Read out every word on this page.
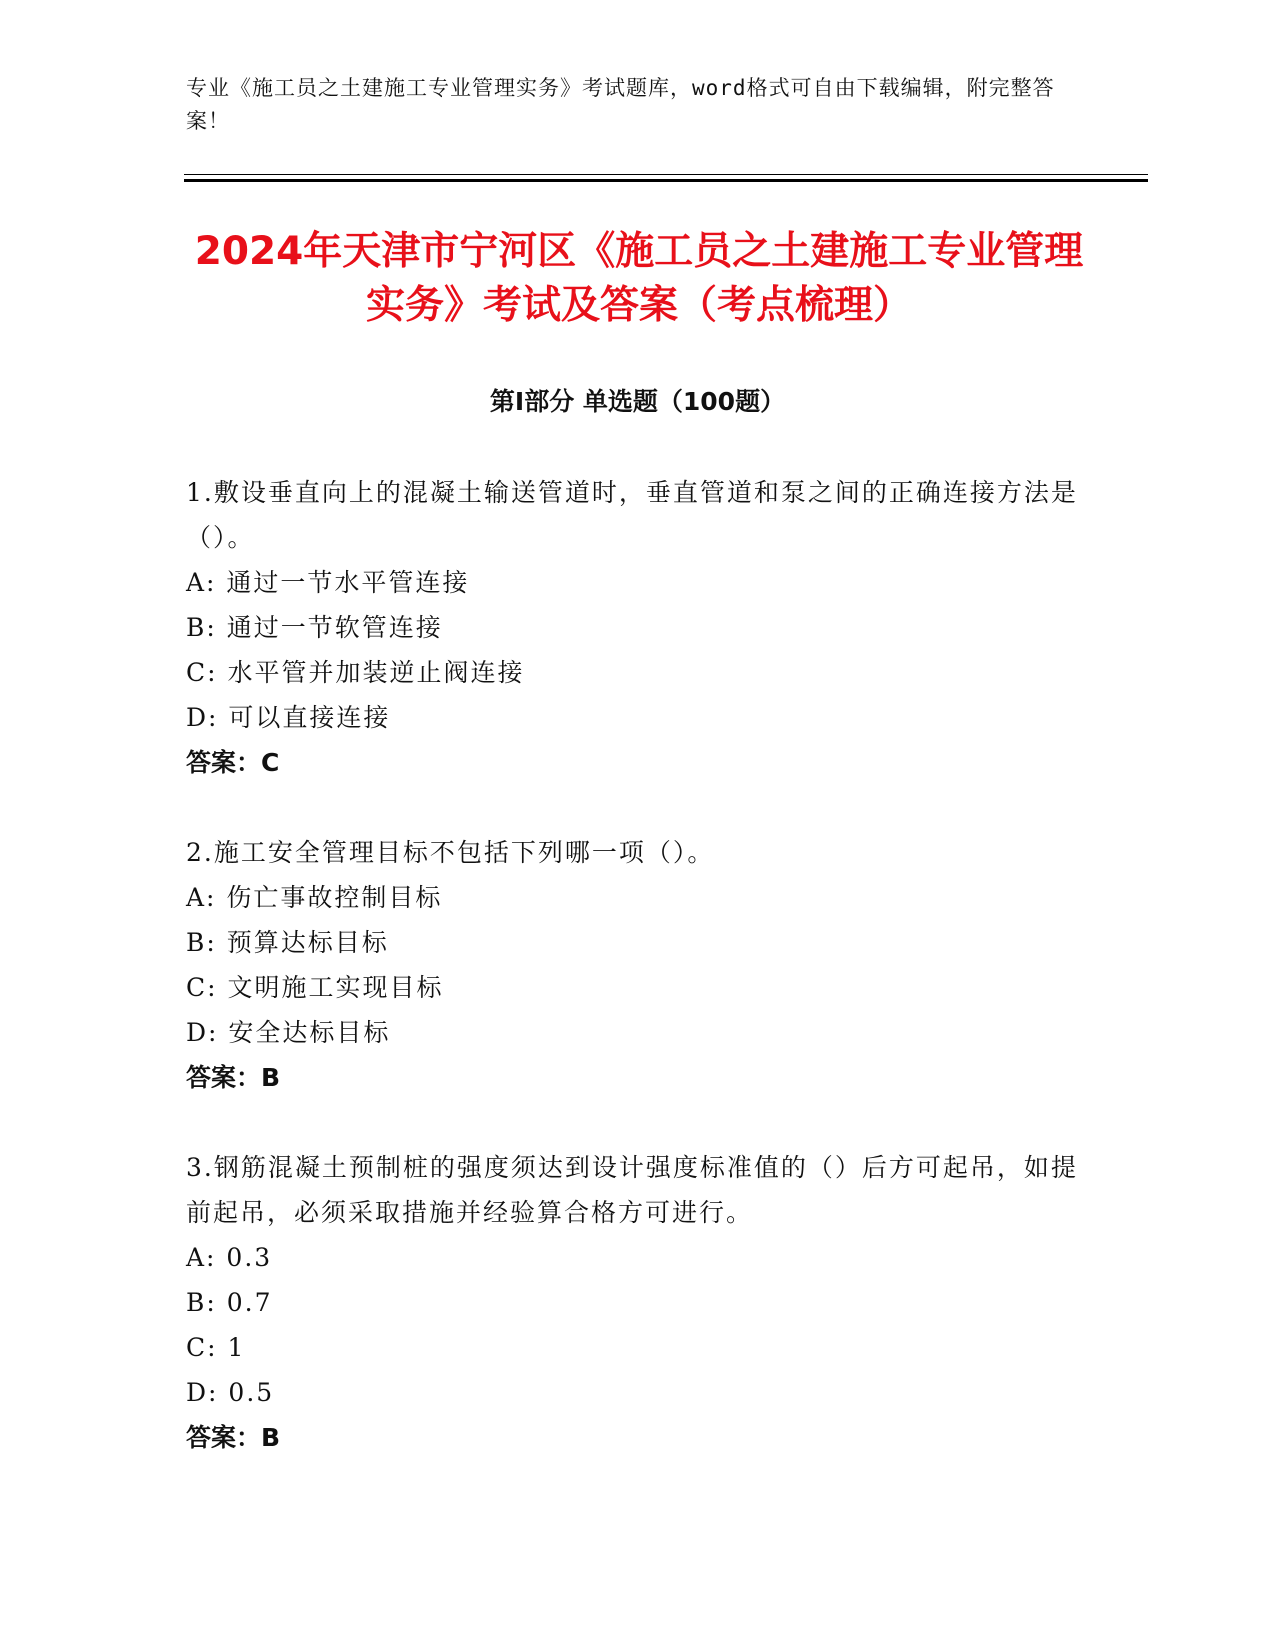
专业《施工员之土建施工专业管理实务》考试题库，word格式可自由下载编辑，附完整答案！
2024年天津市宁河区《施工员之土建施工专业管理实务》考试及答案（考点梳理）
第Ⅰ部分 单选题（100题）

1.敷设垂直向上的混凝土输送管道时，垂直管道和泵之间的正确连接方法是（）。

A: 通过一节水平管连接

B: 通过一节软管连接

C: 水平管并加装逆止阀连接

D: 可以直接连接

答案：C

2.施工安全管理目标不包括下列哪一项（）。

A: 伤亡事故控制目标

B: 预算达标目标

C: 文明施工实现目标

D: 安全达标目标

答案：B

3.钢筋混凝土预制桩的强度须达到设计强度标准值的（）后方可起吊，如提前起吊，必须采取措施并经验算合格方可进行。

A: 0.3

B: 0.7

C: 1

D: 0.5

答案：B
